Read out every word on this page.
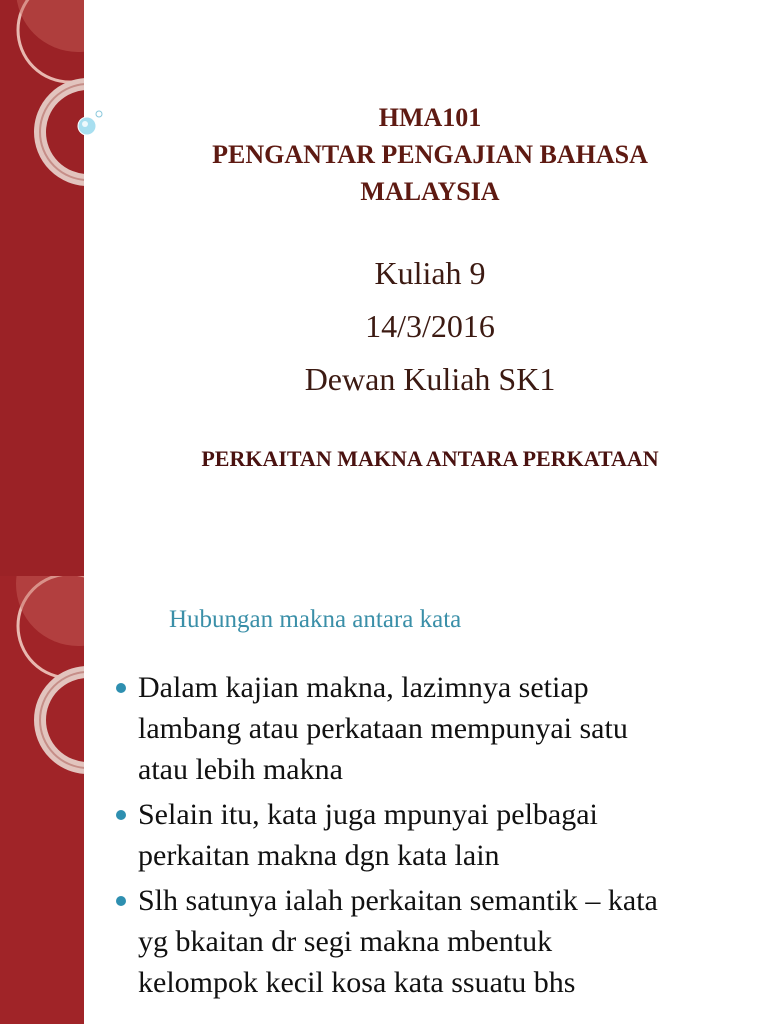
HMA101
PENGANTAR PENGAJIAN BAHASA
MALAYSIA
Kuliah 9
14/3/2016
Dewan Kuliah SK1
PERKAITAN MAKNA ANTARA PERKATAAN
Hubungan makna antara kata
Dalam kajian makna, lazimnya setiap
lambang atau perkataan mempunyai satu
atau lebih makna
Selain itu, kata juga mpunyai pelbagai
perkaitan makna dgn kata lain
Slh satunya ialah perkaitan semantik – kata
yg bkaitan dr segi makna mbentuk
kelompok kecil kosa kata ssuatu bhs
